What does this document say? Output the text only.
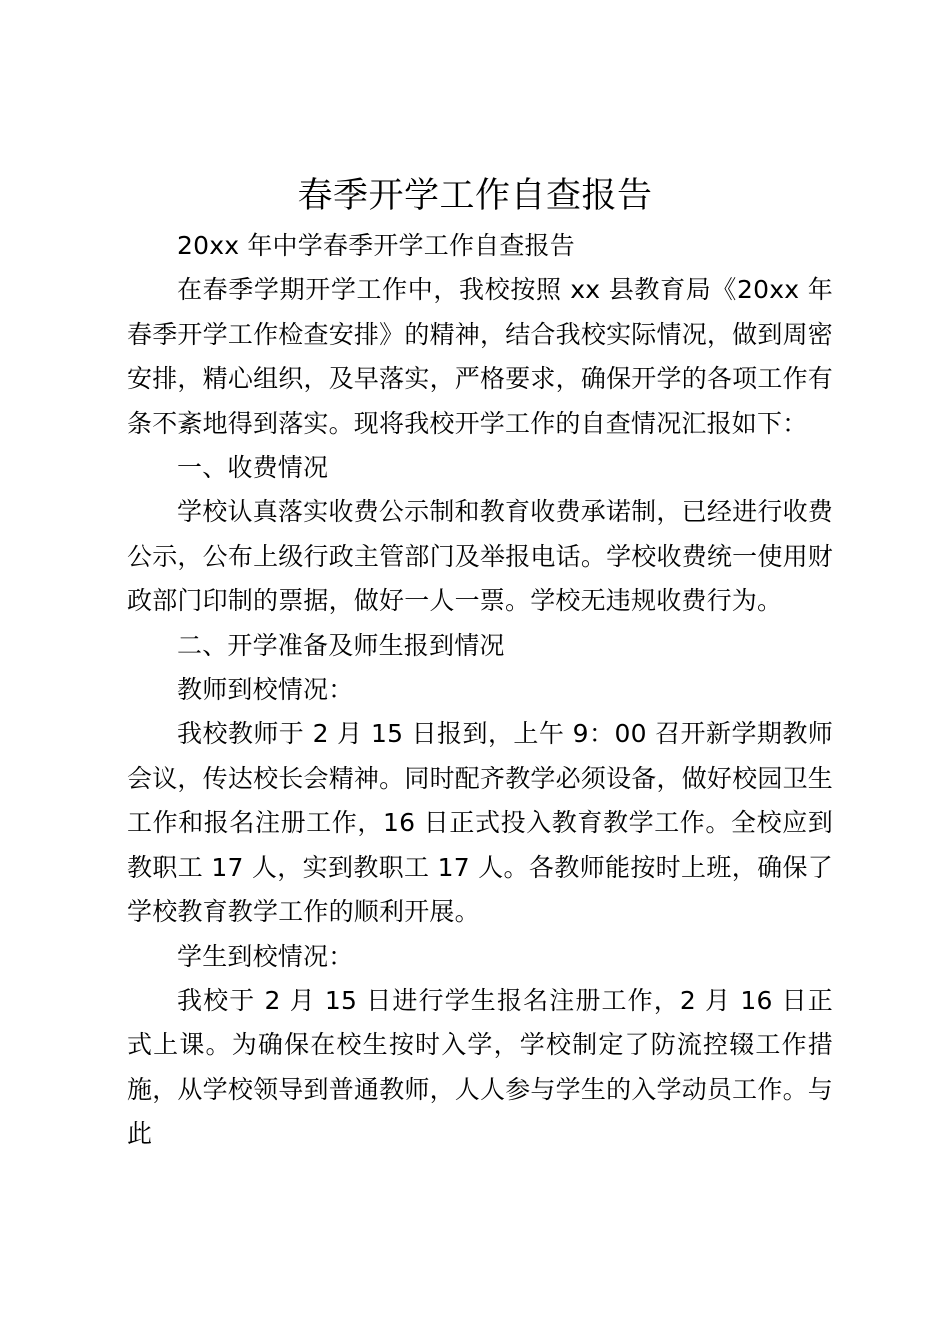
春季开学工作自查报告

20xx 年中学春季开学工作自查报告

在春季学期开学工作中，我校按照 xx 县教育局《20xx 年春季开学工作检查安排》的精神，结合我校实际情况，做到周密安排，精心组织，及早落实，严格要求，确保开学的各项工作有条不紊地得到落实。现将我校开学工作的自查情况汇报如下：

一、收费情况

学校认真落实收费公示制和教育收费承诺制，已经进行收费公示，公布上级行政主管部门及举报电话。学校收费统一使用财政部门印制的票据，做好一人一票。学校无违规收费行为。

二、开学准备及师生报到情况

教师到校情况：

我校教师于 2 月 15 日报到，上午 9：00 召开新学期教师会议，传达校长会精神。同时配齐教学必须设备，做好校园卫生工作和报名注册工作，16 日正式投入教育教学工作。全校应到教职工 17 人，实到教职工 17 人。各教师能按时上班，确保了学校教育教学工作的顺利开展。

学生到校情况：

我校于 2 月 15 日进行学生报名注册工作，2 月 16 日正式上课。为确保在校生按时入学，学校制定了防流控辍工作措施，从学校领导到普通教师，人人参与学生的入学动员工作。与此
